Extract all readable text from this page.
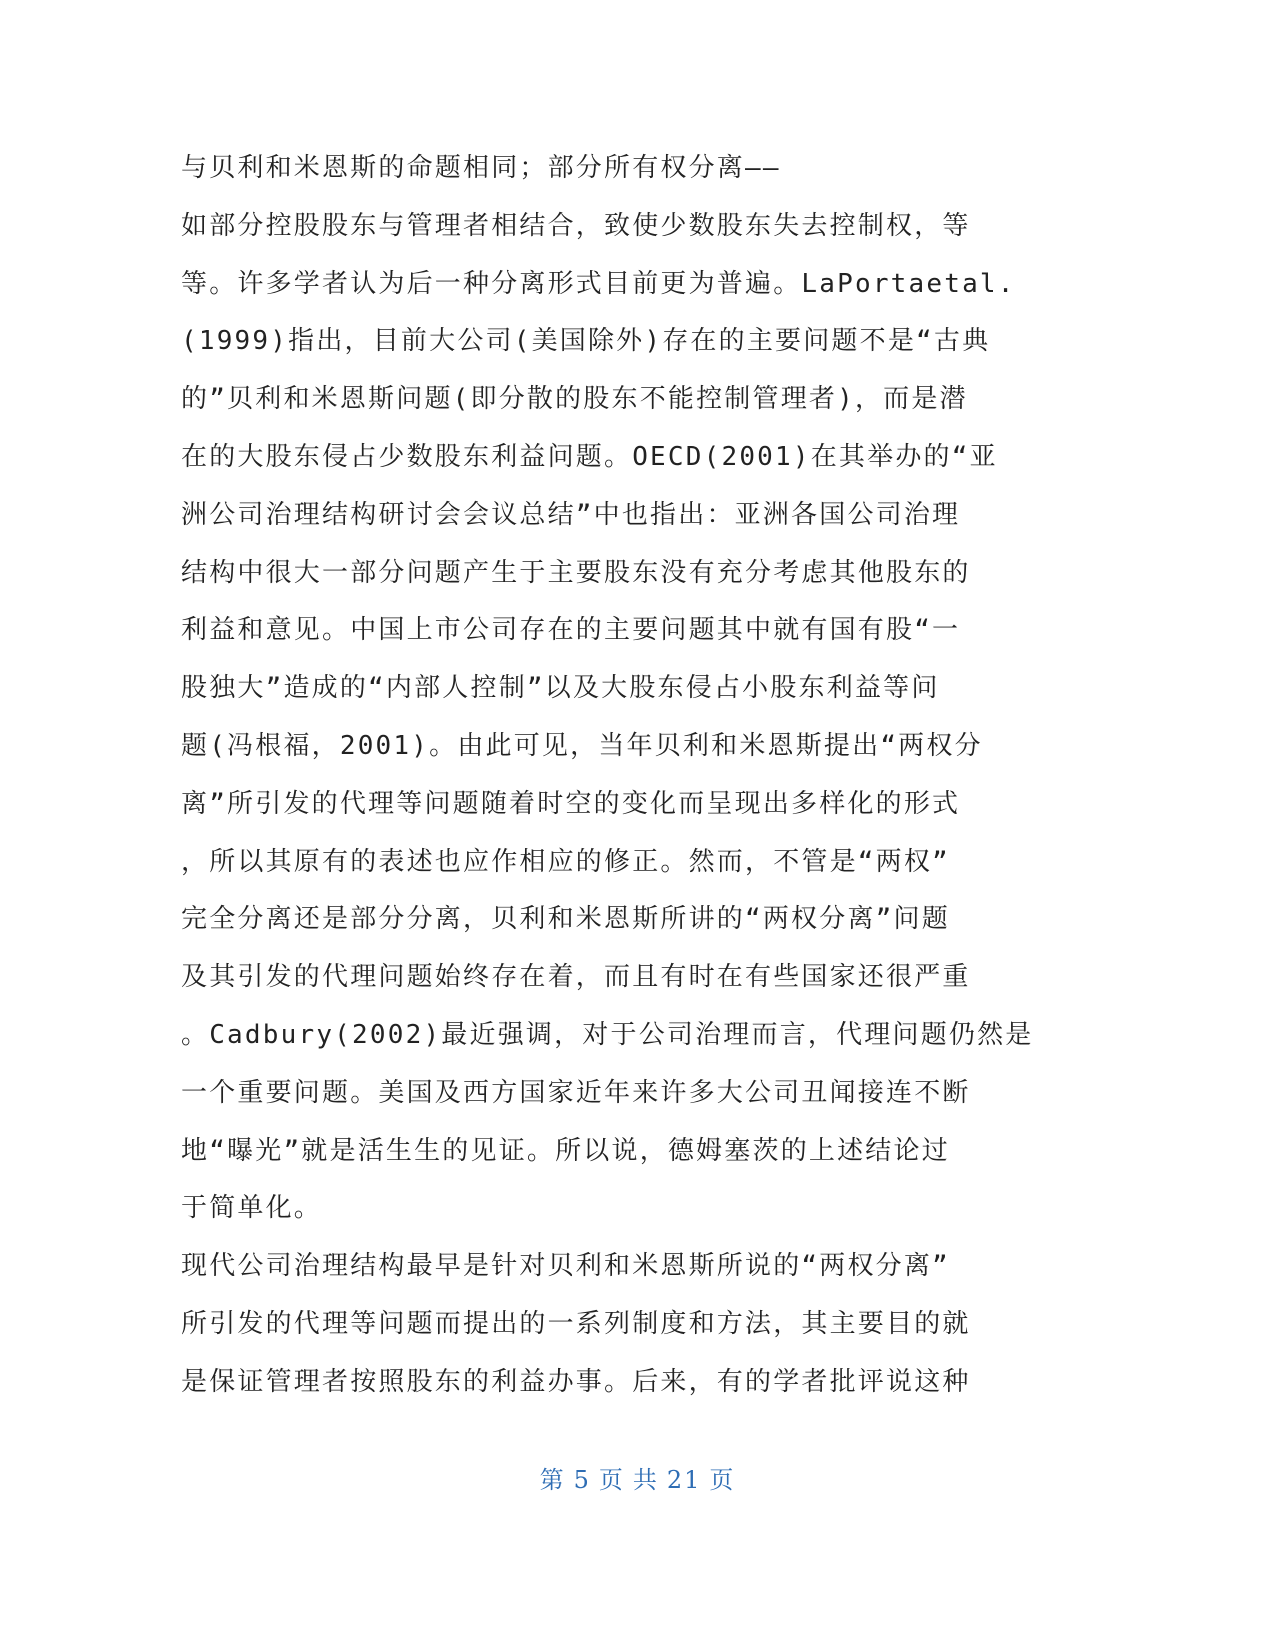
与贝利和米恩斯的命题相同；部分所有权分离——
如部分控股股东与管理者相结合，致使少数股东失去控制权，等
等。许多学者认为后一种分离形式目前更为普遍。LaPortaetal.
(1999)指出，目前大公司(美国除外)存在的主要问题不是“古典
的”贝利和米恩斯问题(即分散的股东不能控制管理者)，而是潜
在的大股东侵占少数股东利益问题。OECD(2001)在其举办的“亚
洲公司治理结构研讨会会议总结”中也指出：亚洲各国公司治理
结构中很大一部分问题产生于主要股东没有充分考虑其他股东的
利益和意见。中国上市公司存在的主要问题其中就有国有股“一
股独大”造成的“内部人控制”以及大股东侵占小股东利益等问
题(冯根福，2001)。由此可见，当年贝利和米恩斯提出“两权分
离”所引发的代理等问题随着时空的变化而呈现出多样化的形式
，所以其原有的表述也应作相应的修正。然而，不管是“两权”
完全分离还是部分分离，贝利和米恩斯所讲的“两权分离”问题
及其引发的代理问题始终存在着，而且有时在有些国家还很严重
。Cadbury(2002)最近强调，对于公司治理而言，代理问题仍然是
一个重要问题。美国及西方国家近年来许多大公司丑闻接连不断
地“曝光”就是活生生的见证。所以说，德姆塞茨的上述结论过
于简单化。
现代公司治理结构最早是针对贝利和米恩斯所说的“两权分离”
所引发的代理等问题而提出的一系列制度和方法，其主要目的就
是保证管理者按照股东的利益办事。后来，有的学者批评说这种
第 5 页 共 21 页
